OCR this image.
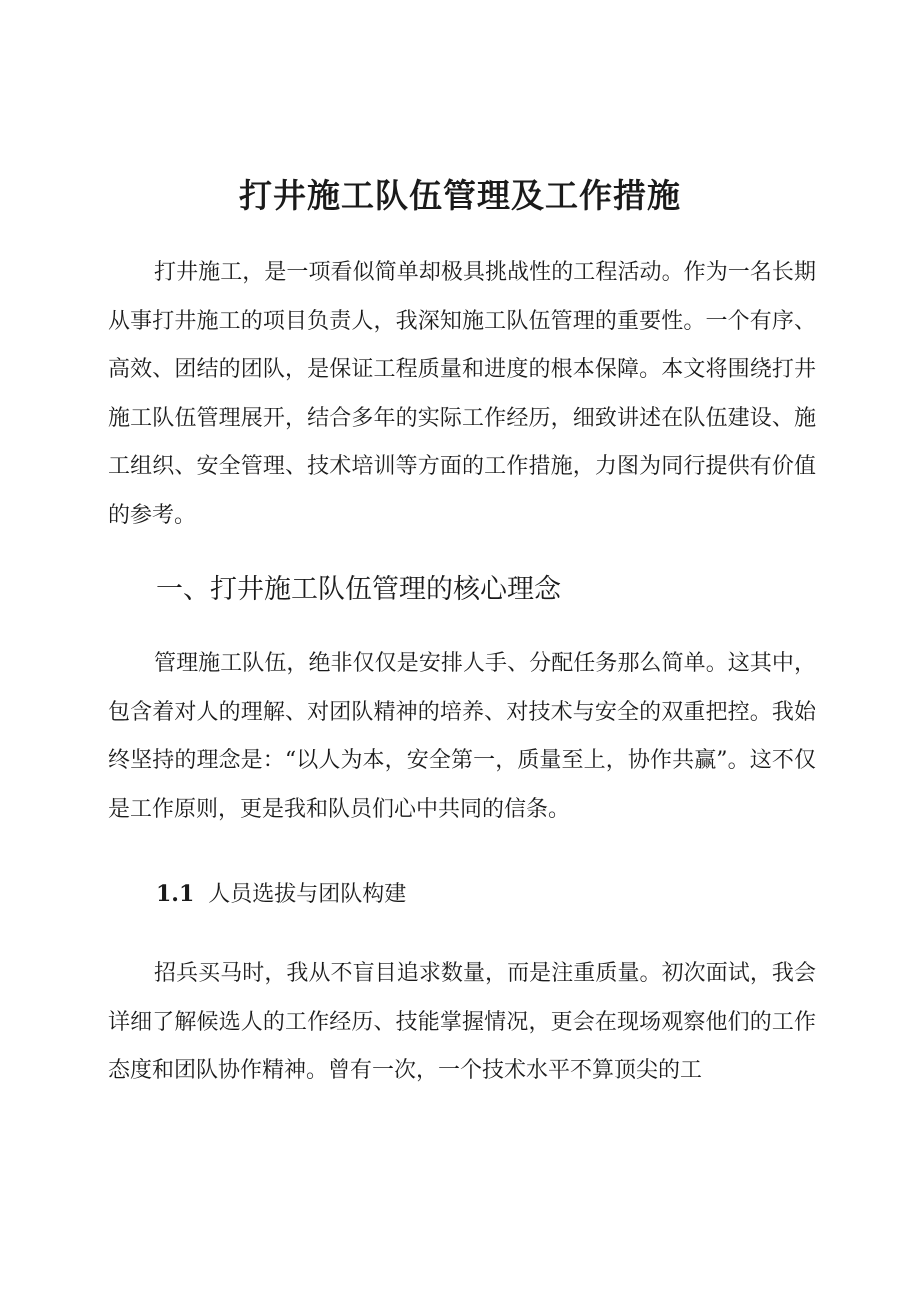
打井施工队伍管理及工作措施

打井施工，是一项看似简单却极具挑战性的工程活动。作为一名长期从事打井施工的项目负责人，我深知施工队伍管理的重要性。一个有序、高效、团结的团队，是保证工程质量和进度的根本保障。本文将围绕打井施工队伍管理展开，结合多年的实际工作经历，细致讲述在队伍建设、施工组织、安全管理、技术培训等方面的工作措施，力图为同行提供有价值的参考。

一、打井施工队伍管理的核心理念

管理施工队伍，绝非仅仅是安排人手、分配任务那么简单。这其中，包含着对人的理解、对团队精神的培养、对技术与安全的双重把控。我始终坚持的理念是：“以人为本，安全第一，质量至上，协作共赢”。这不仅是工作原则，更是我和队员们心中共同的信条。

1.1 人员选拔与团队构建

招兵买马时，我从不盲目追求数量，而是注重质量。初次面试，我会详细了解候选人的工作经历、技能掌握情况，更会在现场观察他们的工作态度和团队协作精神。曾有一次，一个技术水平不算顶尖的工
